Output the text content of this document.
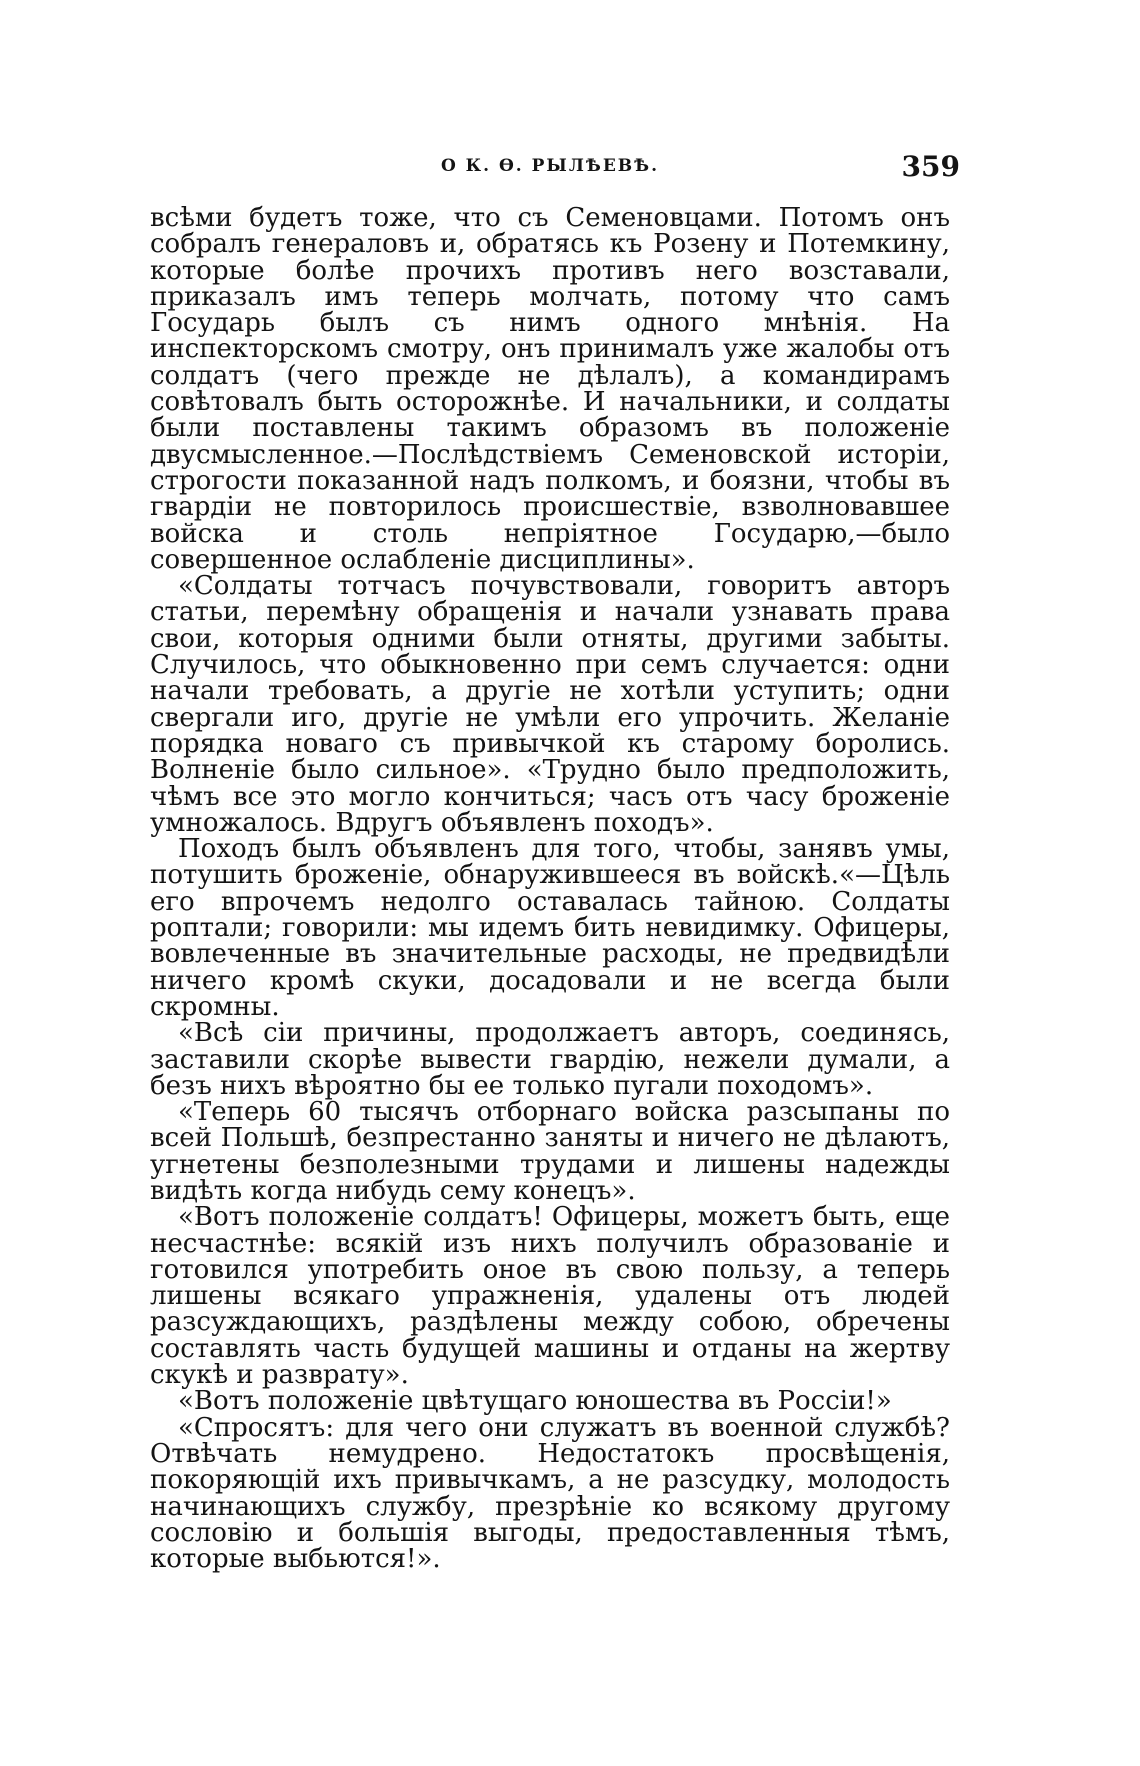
О К. Ѳ. РЫЛѢЕВѢ.	359

всѣми будетъ тоже, что съ Семеновцами. Потомъ онъ собралъ генераловъ и, обратясь къ Розену и Потемкину, которые болѣе прочихъ противъ него возставали, приказалъ имъ теперь молчать, потому что самъ Государь былъ съ нимъ одного мнѣнія. На инспекторскомъ смотру, онъ принималъ уже жалобы отъ солдатъ (чего прежде не дѣлалъ), а командирамъ совѣтовалъ быть осторожнѣе. И начальники, и солдаты были поставлены такимъ образомъ въ положеніе двусмысленное.—Послѣдствіемъ Семеновской исторіи, строгости показанной надъ полкомъ, и боязни, чтобы въ гвардіи не повторилось происшествіе, взволновавшее войска и столь непріятное Государю,—было совершенное ослабленіе дисциплины».

«Солдаты тотчасъ почувствовали, говоритъ авторъ статьи, перемѣну обращенія и начали узнавать права свои, которыя одними были отняты, другими забыты. Случилось, что обыкновенно при семъ случается: одни начали требовать, а другіе не хотѣли уступить; одни свергали иго, другіе не умѣли его упрочить. Желаніе порядка новаго съ привычкой къ старому боролись. Волненіе было сильное». «Трудно было предположить, чѣмъ все это могло кончиться; часъ отъ часу броженіе умножалось. Вдругъ объявленъ походъ».

Походъ былъ объявленъ для того, чтобы, занявъ умы, потушить броженіе, обнаружившееся въ войскѣ.«—Цѣль его впрочемъ недолго оставалась тайною. Солдаты роптали; говорили: мы идемъ бить невидимку. Офицеры, вовлеченные въ значительные расходы, не предвидѣли ничего кромѣ скуки, досадовали и не всегда были скромны.

«Всѣ сіи причины, продолжаетъ авторъ, соединясь, заставили скорѣе вывести гвардію, нежели думали, а безъ нихъ вѣроятно бы ее только пугали походомъ».

«Теперь 60 тысячъ отборнаго войска разсыпаны по всей Польшѣ, безпрестанно заняты и ничего не дѣлаютъ, угнетены безполезными трудами и лишены надежды видѣть когда нибудь сему конецъ».

«Вотъ положеніе солдатъ! Офицеры, можетъ быть, еще несчастнѣе: всякій изъ нихъ получилъ образованіе и готовился употребить оное въ свою пользу, а теперь лишены всякаго упражненія, удалены отъ людей разсуждающихъ, раздѣлены между собою, обречены составлять часть будущей машины и отданы на жертву скукѣ и разврату».

«Вотъ положеніе цвѣтущаго юношества въ Россіи!»

«Спросятъ: для чего они служатъ въ военной службѣ? Отвѣчать немудрено. Недостатокъ просвѣщенія, покоряющій ихъ привычкамъ, а не разсудку, молодость начинающихъ службу, презрѣніе ко всякому другому сословію и большія выгоды, предоставленныя тѣмъ, которые выбьются!».
